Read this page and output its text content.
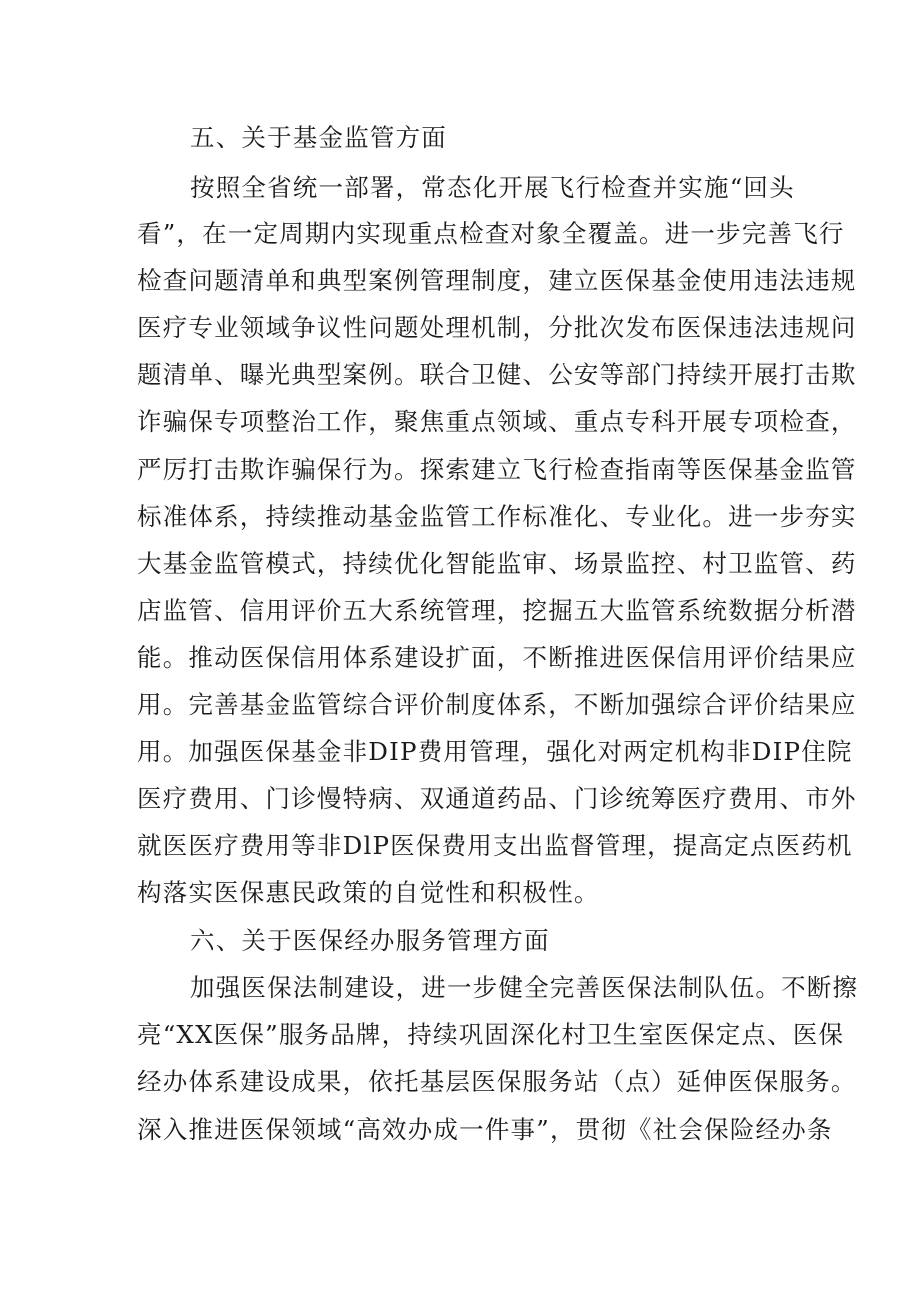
五、关于基金监管方面
按照全省统一部署，常态化开展飞行检查并实施“回头
看”，在一定周期内实现重点检查对象全覆盖。进一步完善飞行
检查问题清单和典型案例管理制度，建立医保基金使用违法违规
医疗专业领域争议性问题处理机制，分批次发布医保违法违规问
题清单、曝光典型案例。联合卫健、公安等部门持续开展打击欺
诈骗保专项整治工作，聚焦重点领域、重点专科开展专项检查，
严厉打击欺诈骗保行为。探索建立飞行检查指南等医保基金监管
标准体系，持续推动基金监管工作标准化、专业化。进一步夯实
大基金监管模式，持续优化智能监审、场景监控、村卫监管、药
店监管、信用评价五大系统管理，挖掘五大监管系统数据分析潜
能。推动医保信用体系建设扩面，不断推进医保信用评价结果应
用。完善基金监管综合评价制度体系，不断加强综合评价结果应
用。加强医保基金非DIP费用管理，强化对两定机构非DIP住院
医疗费用、门诊慢特病、双通道药品、门诊统筹医疗费用、市外
就医医疗费用等非DlP医保费用支出监督管理，提高定点医药机
构落实医保惠民政策的自觉性和积极性。
六、关于医保经办服务管理方面
加强医保法制建设，进一步健全完善医保法制队伍。不断擦
亮“XX医保”服务品牌，持续巩固深化村卫生室医保定点、医保
经办体系建设成果，依托基层医保服务站（点）延伸医保服务。
深入推进医保领域“高效办成一件事”，贯彻《社会保险经办条
